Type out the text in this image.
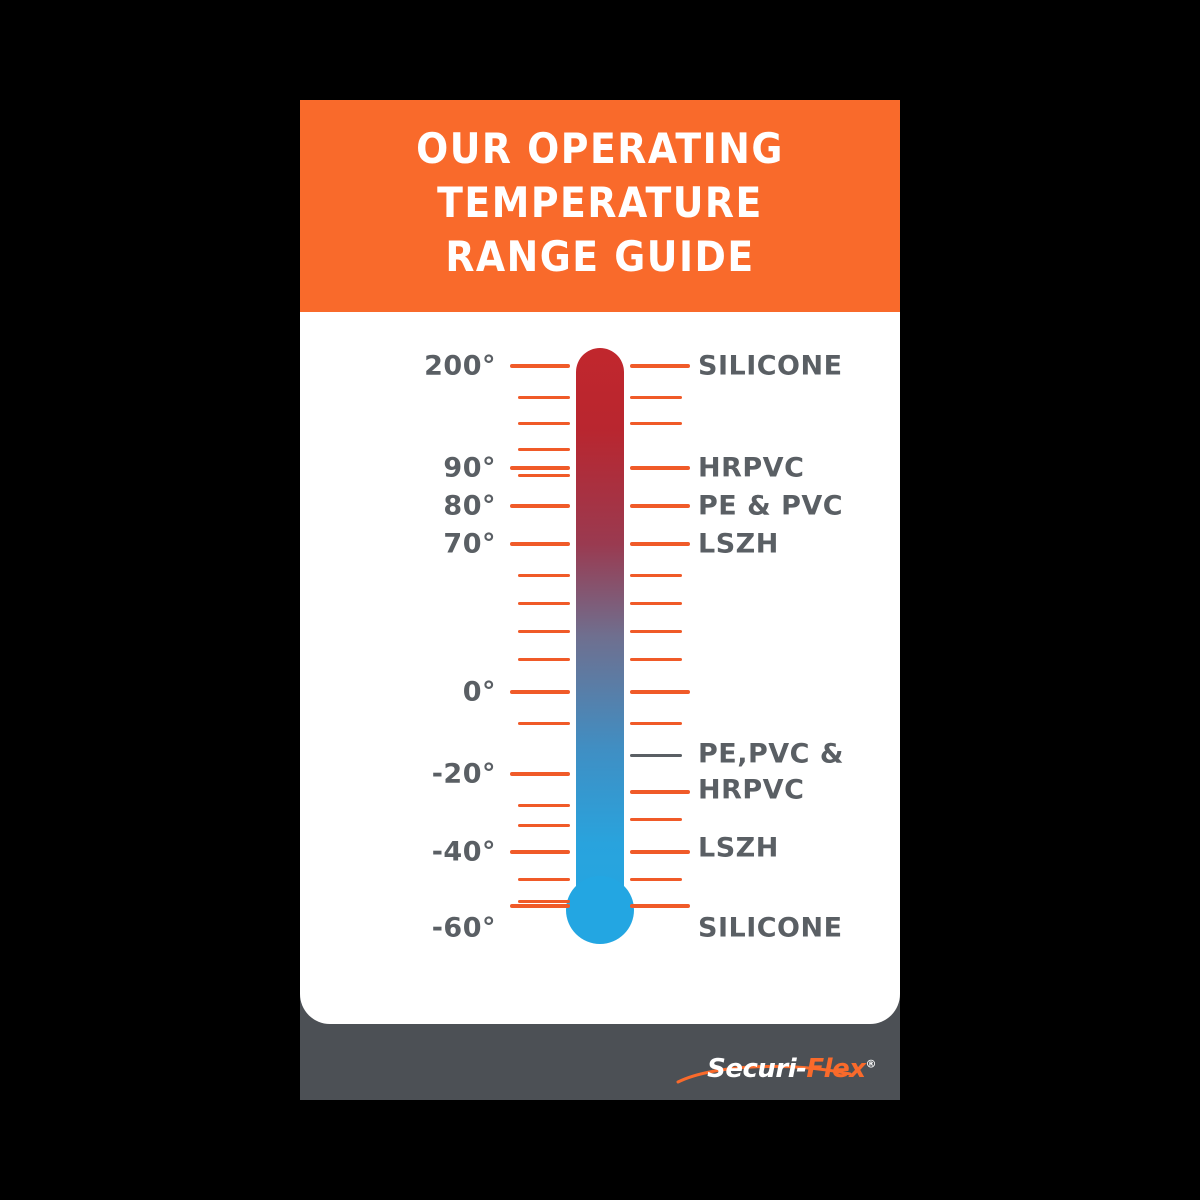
OUR OPERATING
TEMPERATURE
RANGE GUIDE
200°
90°
80°
70°
0°
-20°
-40°
-60°
SILICONE
HRPVC
PE & PVC
LSZH
PE,PVC &
HRPVC
LSZH
SILICONE
Securi-Flex®
